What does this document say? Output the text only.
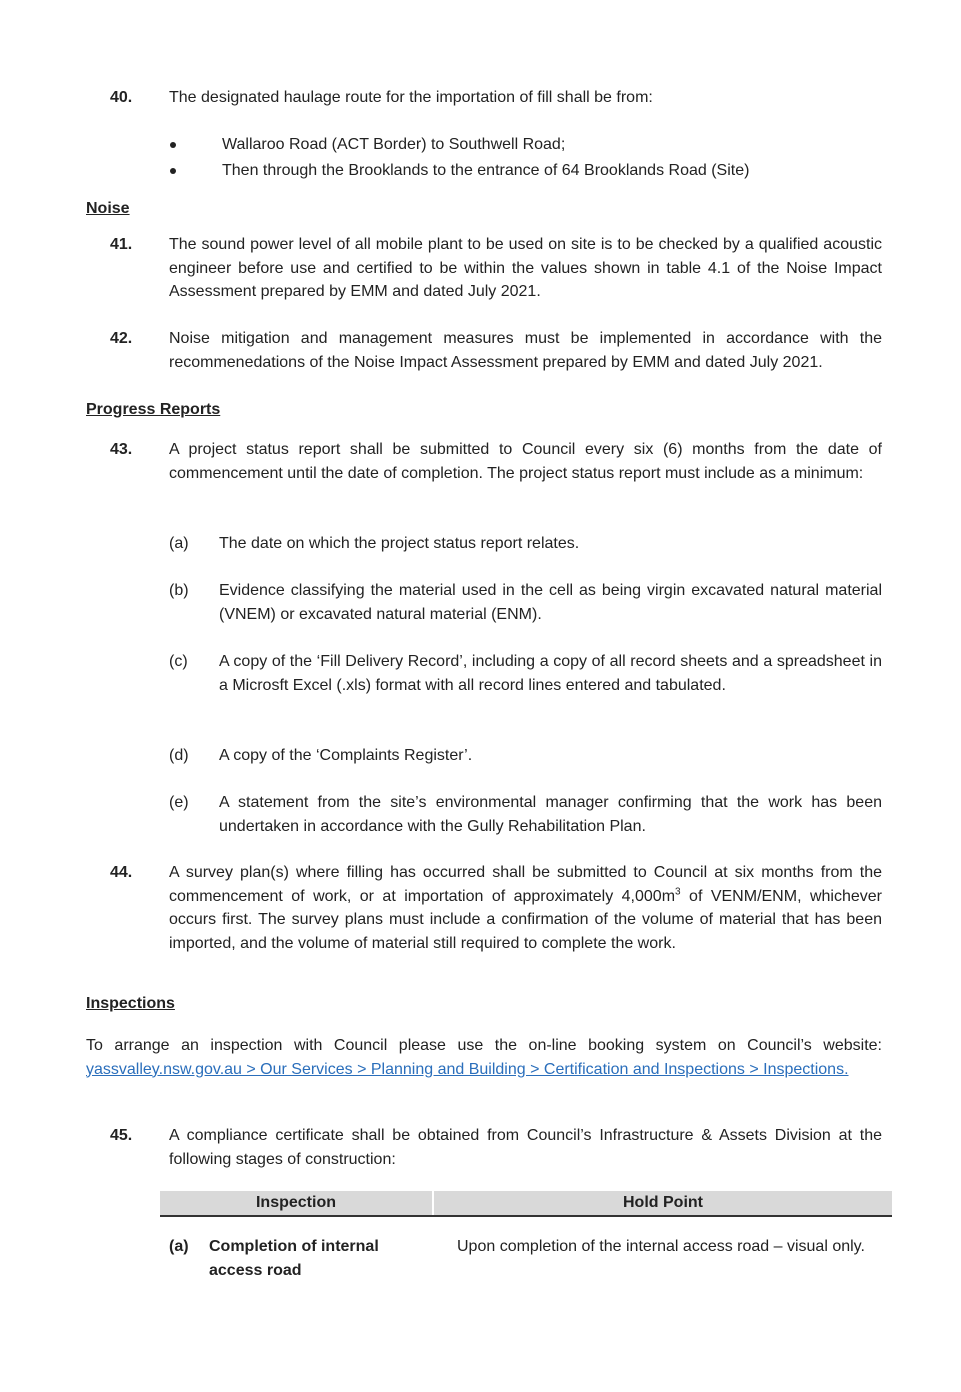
40. The designated haulage route for the importation of fill shall be from:
Wallaroo Road (ACT Border) to Southwell Road;
Then through the Brooklands to the entrance of 64 Brooklands Road (Site)
Noise
41. The sound power level of all mobile plant to be used on site is to be checked by a qualified acoustic engineer before use and certified to be within the values shown in table 4.1 of the Noise Impact Assessment prepared by EMM and dated July 2021.
42. Noise mitigation and management measures must be implemented in accordance with the recommenedations of the Noise Impact Assessment prepared by EMM and dated July 2021.
Progress Reports
43. A project status report shall be submitted to Council every six (6) months from the date of commencement until the date of completion. The project status report must include as a minimum:
(a) The date on which the project status report relates.
(b) Evidence classifying the material used in the cell as being virgin excavated natural material (VNEM) or excavated natural material (ENM).
(c) A copy of the ‘Fill Delivery Record’, including a copy of all record sheets and a spreadsheet in a Microsft Excel (.xls) format with all record lines entered and tabulated.
(d) A copy of the ‘Complaints Register’.
(e) A statement from the site’s environmental manager confirming that the work has been undertaken in accordance with the Gully Rehabilitation Plan.
44. A survey plan(s) where filling has occurred shall be submitted to Council at six months from the commencement of work, or at importation of approximately $4,000m^3$ of VENM/ENM, whichever occurs first. The survey plans must include a confirmation of the volume of material that has been imported, and the volume of material still required to complete the work.
Inspections
To arrange an inspection with Council please use the on-line booking system on Council’s website: yassvalley.nsw.gov.au > Our Services > Planning and Building > Certification and Inspections > Inspections.
45. A compliance certificate shall be obtained from Council’s Infrastructure & Assets Division at the following stages of construction:
Inspection	Hold Point
(a) Completion of internal access road
Upon completion of the internal access road – visual only.
